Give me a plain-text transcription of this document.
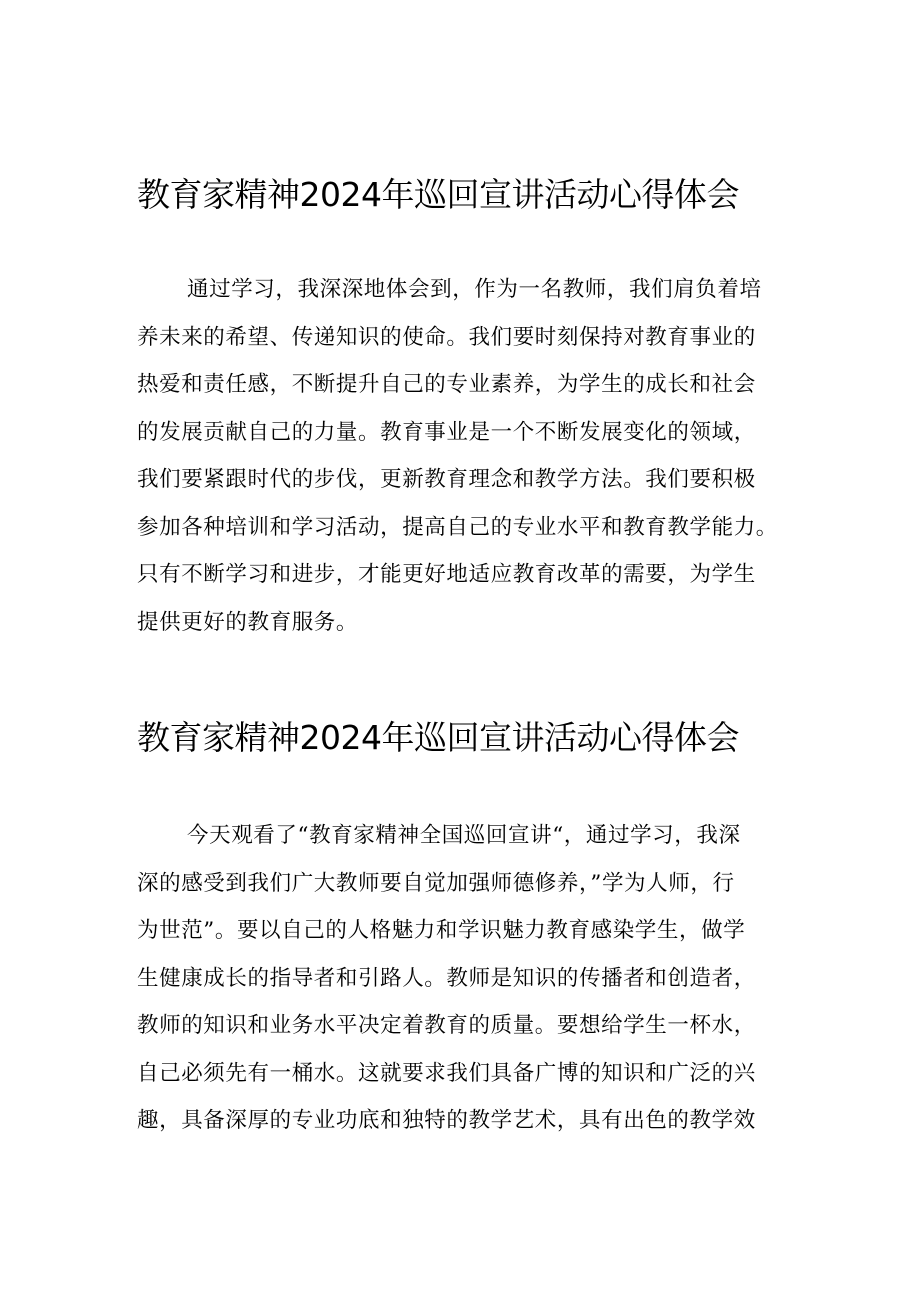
教育家精神2024年巡回宣讲活动心得体会
通过学习，我深深地体会到，作为一名教师，我们肩负着培
养未来的希望、传递知识的使命。我们要时刻保持对教育事业的
热爱和责任感，不断提升自己的专业素养，为学生的成长和社会
的发展贡献自己的力量。教育事业是一个不断发展变化的领域，
我们要紧跟时代的步伐，更新教育理念和教学方法。我们要积极
参加各种培训和学习活动，提高自己的专业水平和教育教学能力。
只有不断学习和进步，才能更好地适应教育改革的需要，为学生
提供更好的教育服务。
教育家精神2024年巡回宣讲活动心得体会
今天观看了“教育家精神全国巡回宣讲“，通过学习，我深
深的感受到我们广大教师要自觉加强师德修养，”学为人师，行
为世范”。要以自己的人格魅力和学识魅力教育感染学生，做学
生健康成长的指导者和引路人。教师是知识的传播者和创造者，
教师的知识和业务水平决定着教育的质量。要想给学生一杯水，
自己必须先有一桶水。这就要求我们具备广博的知识和广泛的兴
趣，具备深厚的专业功底和独特的教学艺术，具有出色的教学效
